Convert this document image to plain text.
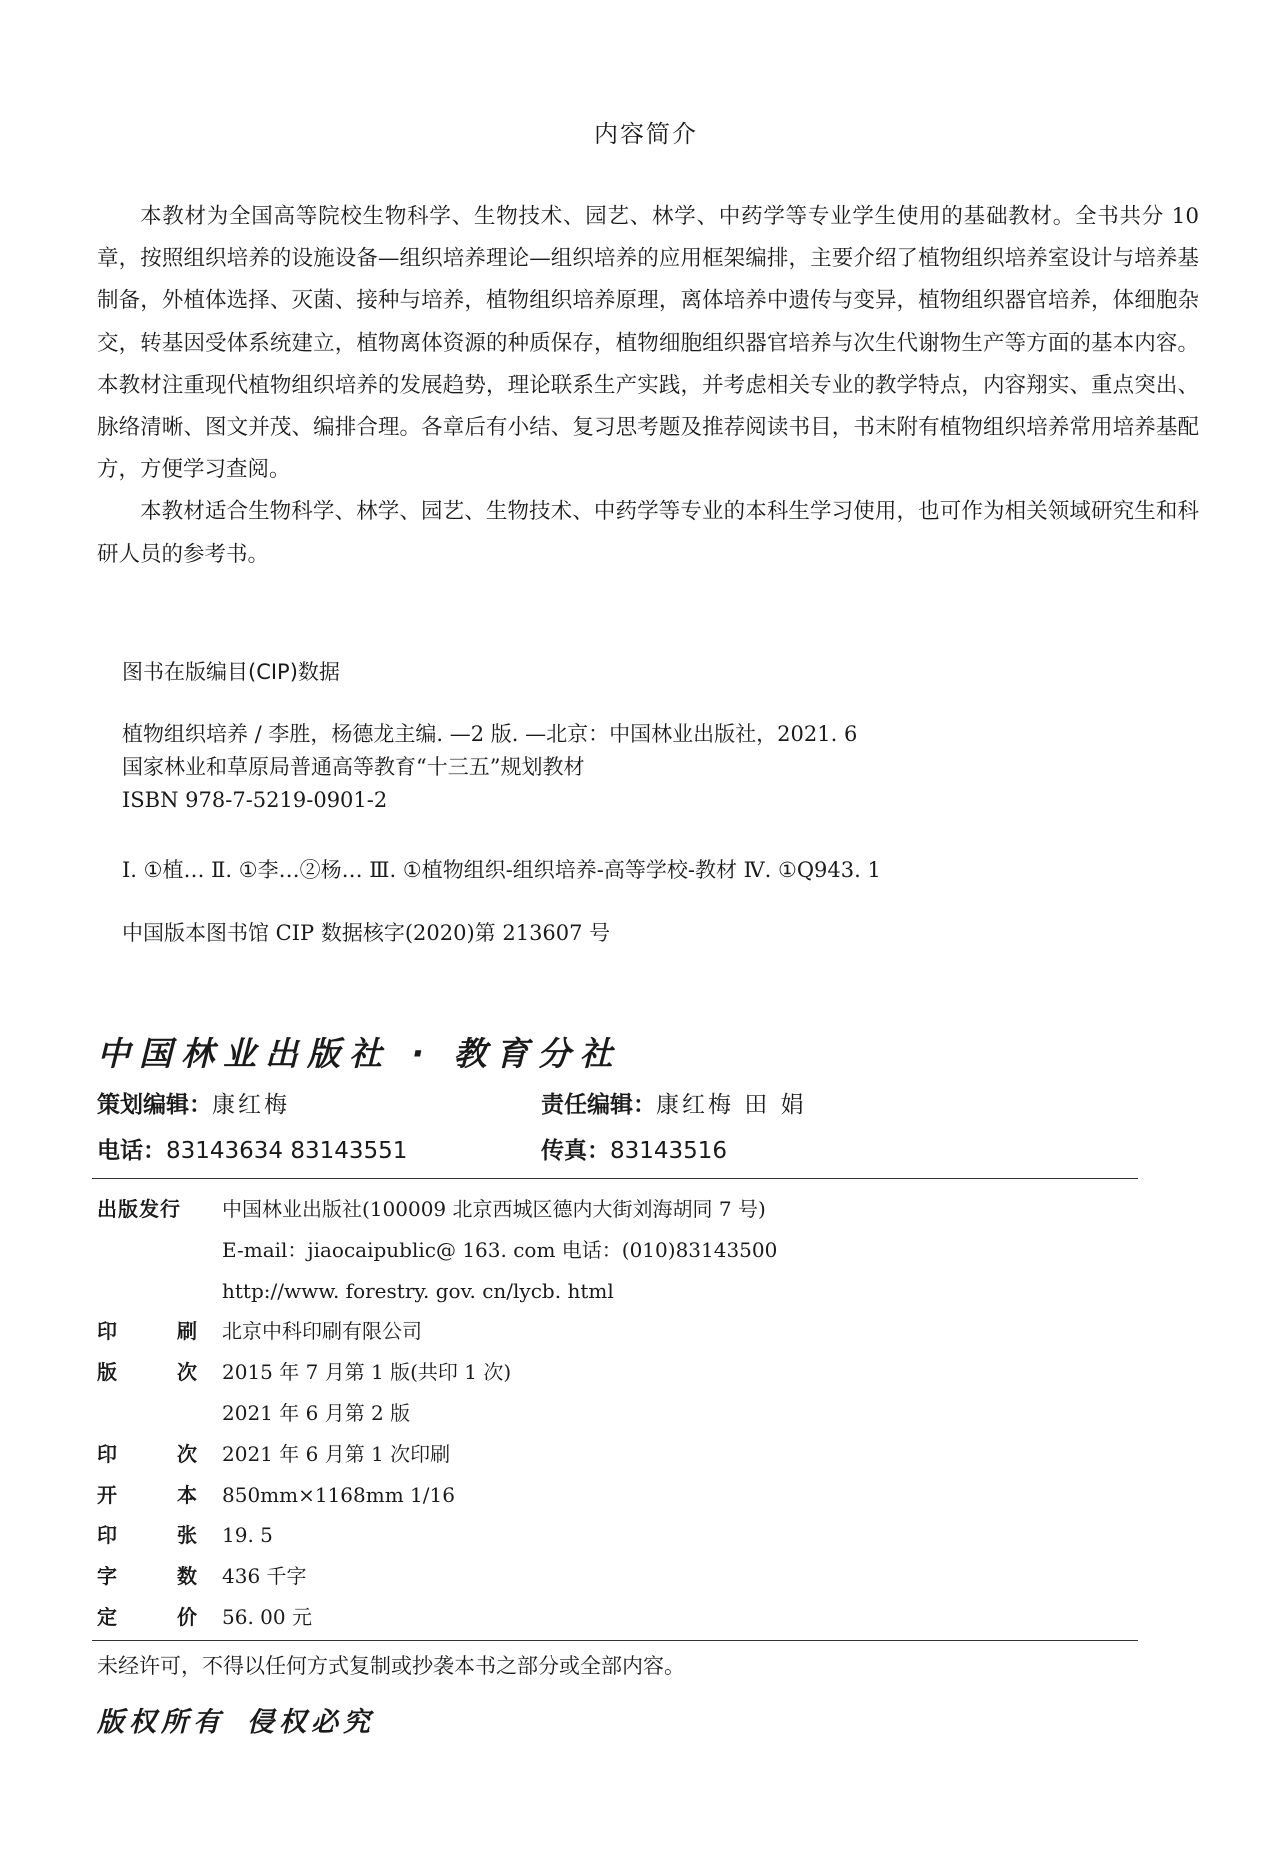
内容简介

本教材为全国高等院校生物科学、生物技术、园艺、林学、中药学等专业学生使用的基础教材。全书共分 10 章，按照组织培养的设施设备—组织培养理论—组织培养的应用框架编排，主要介绍了植物组织培养室设计与培养基制备，外植体选择、灭菌、接种与培养，植物组织培养原理，离体培养中遗传与变异，植物组织器官培养，体细胞杂交，转基因受体系统建立，植物离体资源的种质保存，植物细胞组织器官培养与次生代谢物生产等方面的基本内容。本教材注重现代植物组织培养的发展趋势，理论联系生产实践，并考虑相关专业的教学特点，内容翔实、重点突出、脉络清晰、图文并茂、编排合理。各章后有小结、复习思考题及推荐阅读书目，书末附有植物组织培养常用培养基配方，方便学习查阅。

本教材适合生物科学、林学、园艺、生物技术、中药学等专业的本科生学习使用，也可作为相关领域研究生和科研人员的参考书。

图书在版编目(CIP)数据
植物组织培养 / 李胜，杨德龙主编. —2 版. —北京：中国林业出版社，2021. 6
国家林业和草原局普通高等教育“十三五”规划教材
ISBN 978-7-5219-0901-2
Ⅰ. ①植… Ⅱ. ①李…②杨… Ⅲ. ①植物组织-组织培养-高等学校-教材 Ⅳ. ①Q943. 1
中国版本图书馆 CIP 数据核字(2020)第 213607 号
中国林业出版社 · 教育分社
策划编辑：康红梅	责任编辑：康红梅 田 娟
电话：83143634 83143551	传真：83143516
出版发行	中国林业出版社(100009 北京西城区德内大街刘海胡同 7 号)
E-mail：jiaocaipublic@ 163. com 电话：(010)83143500
http://www. forestry. gov. cn/lycb. html
印	刷 北京中科印刷有限公司
版	次 2015 年 7 月第 1 版(共印 1 次)
2021 年 6 月第 2 版
印	次 2021 年 6 月第 1 次印刷
开	本 850mm×1168mm 1/16
印	张 19. 5
字	数 436 千字
定	价 56. 00 元
未经许可，不得以任何方式复制或抄袭本书之部分或全部内容。
版权所有 侵权必究
